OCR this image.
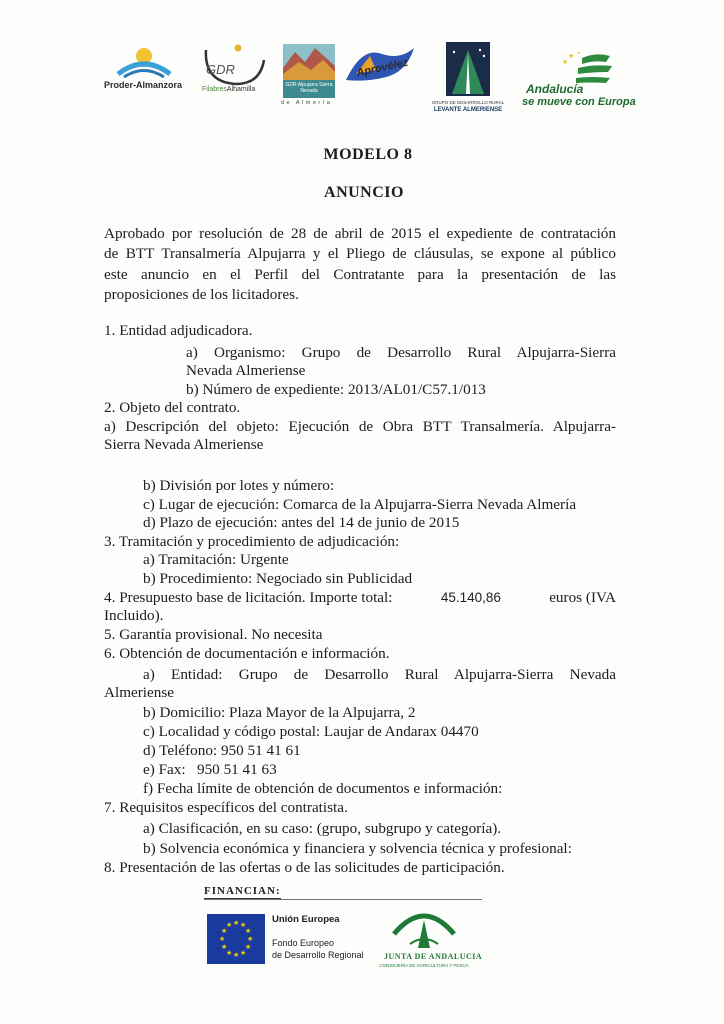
Proder-Almanzora
GDR
FilabresAlhamilla
GDR Alpujarra Sierra Nevada
de Almería
Aprovélez
GRUPO DE DESARROLLO RURAL
LEVANTE ALMERIENSE
★
★ ★
Andalucía
se mueve con Europa
MODELO 8
ANUNCIO
Aprobado por resolución de 28 de abril de 2015 el expediente de contratación
de BTT Transalmería Alpujarra y el Pliego de cláusulas, se expone al público
este anuncio en el Perfil del Contratante para la presentación de las
proposiciones de los licitadores.
1. Entidad adjudicadora.
a) Organismo: Grupo de Desarrollo Rural Alpujarra-Sierra
Nevada Almeriense
b) Número de expediente: 2013/AL01/C57.1/013
2. Objeto del contrato.
a) Descripción del objeto: Ejecución de Obra BTT Transalmería. Alpujarra-
Sierra Nevada Almeriense
b) División por lotes y número:
c) Lugar de ejecución: Comarca de la Alpujarra-Sierra Nevada Almería
d) Plazo de ejecución: antes del 14 de junio de 2015
3. Tramitación y procedimiento de adjudicación:
a) Tramitación: Urgente
b) Procedimiento: Negociado sin Publicidad
4. Presupuesto base de licitación. Importe total:	45.140,86	euros (IVA
Incluido).
5. Garantía provisional. No necesita
6. Obtención de documentación e información.
a) Entidad: Grupo de Desarrollo Rural Alpujarra-Sierra Nevada
Almeriense
b) Domicilio: Plaza Mayor de la Alpujarra, 2
c) Localidad y código postal: Laujar de Andarax 04470
d) Teléfono: 950 51 41 61
e) Fax:   950 51 41 63
f) Fecha límite de obtención de documentos e información:
7. Requisitos específicos del contratista.
a) Clasificación, en su caso: (grupo, subgrupo y categoría).
b) Solvencia económica y financiera y solvencia técnica y profesional:
8. Presentación de las ofertas o de las solicitudes de participación.
FINANCIAN:
★ ★
★
★
★
★
★
★
★
★
★
★	Unión Europea
Fondo Europeo
de Desarrollo Regional	JUNTA DE ANDALUCIA
CONSEJERÍA DE AGRICULTURA Y PESCA
